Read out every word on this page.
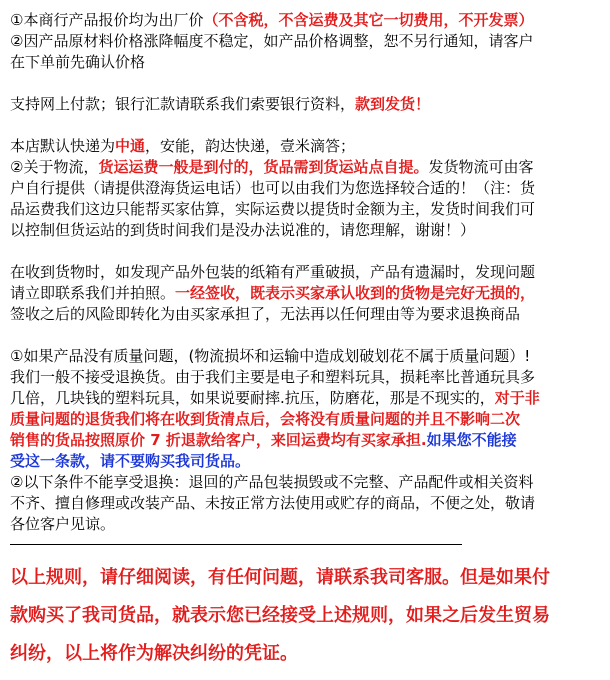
①本商行产品报价均为出厂价（不含税，不含运费及其它一切费用，不开发票）
②因产品原材料价格涨降幅度不稳定，如产品价格调整，恕不另行通知，请客户
在下单前先确认价格
支持网上付款；银行汇款请联系我们索要银行资料，款到发货！
本店默认快递为中通，安能，韵达快递，壹米滴答；
②关于物流，货运运费一般是到付的，货品需到货运站点自提。发货物流可由客
户自行提供（请提供澄海货运电话）也可以由我们为您选择较合适的！（注：货
品运费我们这边只能帮买家估算，实际运费以提货时金额为主，发货时间我们可
以控制但货运站的到货时间我们是没办法说准的，请您理解，谢谢！）
在收到货物时，如发现产品外包装的纸箱有严重破损，产品有遗漏时，发现问题
请立即联系我们并拍照。一经签收，既表示买家承认收到的货物是完好无损的，
签收之后的风险即转化为由买家承担了，无法再以任何理由等为要求退换商品
①如果产品没有质量问题，(物流损坏和运输中造成划破划花不属于质量问题）!
我们一般不接受退换货。由于我们主要是电子和塑料玩具，损耗率比普通玩具多
几倍，几块钱的塑料玩具，如果说要耐摔.抗压，防磨花，那是不现实的，对于非
质量问题的退货我们将在收到货清点后，会将没有质量问题的并且不影响二次
销售的货品按照原价 7 折退款给客户，来回运费均有买家承担.如果您不能接
受这一条款，请不要购买我司货品。
②以下条件不能享受退换：退回的产品包装损毁或不完整、产品配件或相关资料
不齐、擅自修理或改装产品、未按正常方法使用或贮存的商品，不便之处，敬请
各位客户见谅。
以上规则，请仔细阅读，有任何问题，请联系我司客服。但是如果付
款购买了我司货品，就表示您已经接受上述规则，如果之后发生贸易
纠纷，以上将作为解决纠纷的凭证。
